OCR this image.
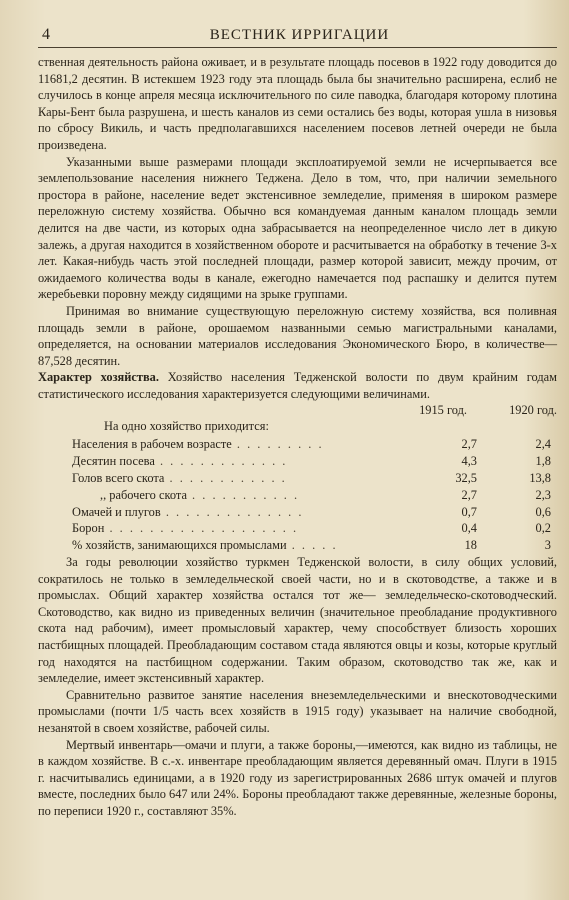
4	ВЕСТНИК ИРРИГАЦИИ

ственная деятельность района оживает, и в результате площадь посевов в 1922 году доводится до 11681,2 десятин. В истекшем 1923 году эта площадь была бы значительно расширена, еслиб не случилось в конце апреля месяца исключительного по силе паводка, благодаря которому плотина Кары-Бент была разрушена, и шесть каналов из семи остались без воды, которая ушла в низовья по сбросу Викиль, и часть предполагавшихся населением посевов летней очереди не была произведена.

Указанными выше размерами площади эксплоатируемой земли не исчерпывается все землепользование населения нижнего Теджена. Дело в том, что, при наличии земельного простора в районе, население ведет экстенсивное земледелие, применяя в широком размере переложную систему хозяйства. Обычно вся командуемая данным каналом площадь земли делится на две части, из которых одна забрасывается на неопределенное число лет в дикую залежь, а другая находится в хозяйственном обороте и расчитывается на обработку в течение 3-х лет. Какая-нибудь часть этой последней площади, размер которой зависит, между прочим, от ожидаемого количества воды в канале, ежегодно намечается под распашку и делится путем жеребьевки поровну между сидящими на зрыке группами.

Принимая во внимание существующую переложную систему хозяйства, вся поливная площадь земли в районе, орошаемом названными семью магистральными каналами, определяется, на основании материалов исследования Экономического Бюро, в количестве—87,528 десятин.

Характер хозяйства. Хозяйство населения Тедженской волости по двум крайним годам статистического исследования характеризуется следующими величинами.

1915 год.	1920 год.
На одно хозяйство приходится:
Населения в рабочем возрасте . . . . . . . . .	2,7	2,4
Десятин посева . . . . . . . . . . . . .	4,3	1,8
Голов всего скота . . . . . . . . . . . .	32,5	13,8
,, рабочего скота . . . . . . . . . . .	2,7	2,3
Омачей и плугов . . . . . . . . . . . . . .	0,7	0,6
Борон . . . . . . . . . . . . . . . . . . .	0,4	0,2
% хозяйств, занимающихся промыслами . . . . .	18	3

За годы революции хозяйство туркмен Тедженской волости, в силу общих условий, сократилось не только в земледельческой своей части, но и в скотоводстве, а также и в промыслах. Общий характер хозяйства остался тот же— земледельческо-скотоводческий. Скотоводство, как видно из приведенных величин (значительное преобладание продуктивного скота над рабочим), имеет промысловый характер, чему способствует близость хороших пастбищных площадей. Преобладающим составом стада являются овцы и козы, которые круглый год находятся на пастбищном содержании. Таким образом, скотоводство так же, как и земледелие, имеет экстенсивный характер.

Сравнительно развитое занятие населения внеземледельческими и внескотоводческими промыслами (почти 1/5 часть всех хозяйств в 1915 году) указывает на наличие свободной, незанятой в своем хозяйстве, рабочей силы.

Мертвый инвентарь—омачи и плуги, а также бороны,—имеются, как видно из таблицы, не в каждом хозяйстве. В с.-х. инвентаре преобладающим является деревянный омач. Плуги в 1915 г. насчитывались единицами, а в 1920 году из зарегистрированных 2686 штук омачей и плугов вместе, последних было 647 или 24%. Бороны преобладают также деревянные, железные бороны, по переписи 1920 г., составляют 35%.
